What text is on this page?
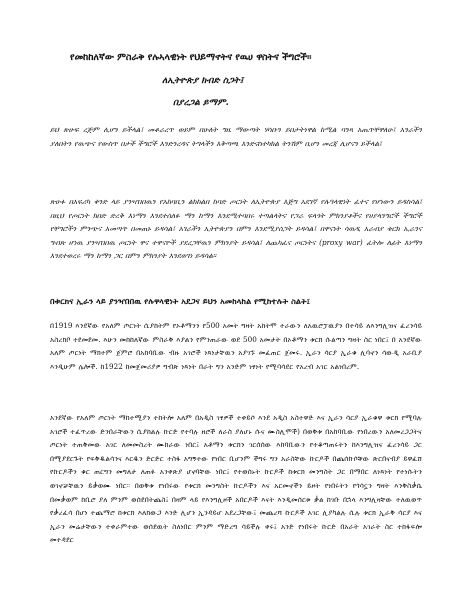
የመከከለኛው ምስራቅ የሉኣላዊነት የህይማኖትና የዉሀ ዋስትና ችግሮች።
ለኢትዮጵያ ክብድ ስጋት፤
በያረጋል ይማም.
ይህ ጽሁፍ ረጅም ሊሆን ይችላል፤ መቆራረጥ ወይም በሁለት ግዜ ማውጣት ሃሳቡን ይበታትነዋል ከሚል ባንጻ አጤጥቸዋለሁ፤ አንራችን ያለበትን የዉጭና የውስጥ በታች ችግሮች እንድንረዳና ትግላችን እቅጣጫ እንድናስተካክል ትንሽም ቢሆን መረጃ ሊሆናን ይችላል፤
ጽሁፉ በአፍሪካ ቀንድ ላይ ያንዣበበዉን የአከባቢን ልክከልበ ከባድ ጦርነት ለኢትዮጵያ እጅግ አደገኛ የሉዓላዊነት ፈተና የሆነውን ይዳስሳል፤ በዚህ የጦርነት ክበድ ድረቅ እነማን እንደተሰለፉ ማን ከማን እንደሚተባበሩ ተጣልላትና የጋራ ፍላጎት ምክንያቶችና የሀያላንግሮች ችግሮች የቸግሮችን ምንጭና አመጣጥ በመጠኑ ይዳሳል፤ አገራችን ኢትዮጵያን በምን እንደሚያሰጋት ይዳሳል፤ በዋናነት ሳዉዲ አራብያ ቱርክ ኢራንና ግብጽ ሆነዉ ያንዣበበዉ ጦርነት ዋና ተዋናዮች ያደረጋቸዉን ምክንያት ይዳሳል፤ ለጨካፈና ጦርነትና (proxy war) ፈትሎ ለፊት እነማን እንደተወረሩ ማን ከማን ጋር በምን ምክንያት እንደወገነ ይዳሳል።
በቱርክና ኢራን ላይ ያንዣበበዉ የሉዋላዊነት አደጋና ይህን አመከላከል የሚከተሉት ስልት፤
በ1919 እንደኛው የአለም ጦርነት ሲያከትም የኦቶማንን የ500 አመት ግዛት አከትሞ ተራውን ለአዉሮፓዉያን በተሳይ ለእንግሊዝና ፈረንሳይ አስረክቦ ተደመደመ. እሁን መከከለኛው ምስራቅ እያልን የምንጠራው ወደ 500 አመታት በኦቶማን ቱርክ ሱልጣን ግዛት ስር ነበር፤ በ አንደኛው አለም ጦርነት ማክተም ጀምሮ በአከባቢው ብዙ አገሮች ነጻነታቸዉን አያገኙ መፈጠር ጀመሩ. ኢራን ሳርያ ኢራቁ ሊባኖን ሳውዲ አራቢያ እንዲሁም ሌሎች. ከ1922 ከመጀመሪያዎ ግብጽ ነጻነት በራት ግን አንድም ነፃነት የሚባሳደር የአረብ አገር አልነበረም.
አንደኛው የአለም ጦርነት ማከተሚያን ተከትሎ አለም በአዲስ ገፃዎች ተቀይሶ እንደ አዲስ አስተዋድ እና ኢራን ሳርያ ኢራቁዋ ቱርክ የሚባሉ አገሮች ተፈጥረው ድንበራቸውን ሲያከልሉ ኩርድ የተባሉ ዘሮች ለራስ ያለሆኑ ሱና ሙስሊሞች) በወቅቱ በአከባቢው የነበረውን አለመረጋጋትና ጦርነት ተጠቅመው አገር ለመመስረት ሙከራው ነበር፤ አቶማን ቱርክን ገርሰሰው እከባቢውን የተቆጣጠሩትን ከእንግሊዝና ፈረንሳይ ጋር በሚያደርጉት የፍቅዱልሳንና እርዱን ድርድር ተስፋ አግኝተው የነበር ቢሆንም ችግሩ ግን አራስቸው ኩርዶች በጨሰኩሶቹው ጽርበናብያ ይዋፈሸ የኩርዶችን ቁር ጠርግን መግለታ ለጠፉ አንቀጽያ ሆኖባቸው ነበር፤ የተወሰኑት ኩርዶች ከቱርክ መንግስት ጋር በማበር ለነጻነት የተነሱትን ወገኖቻቸዉን ይቃወሙ ነበር። በወቅቱ የነበሩው የቱርክ መንግስት ኩርዶችን እና አርመኖችን ይዞት የነበሩትን የጎሳኗን ግዛት እንቅስቃሴ በመቃወም ከቢሮ ያለ ምንም ወሰደበትጨስ፤ በዛም ላይ የእንግሊዞች አበርዶች እናት እንዲመሰርቱ ቃል ከገቡ በኋላ እንግሊዛቸው ተለዉወጥ የቃረፈሳ በሆነ ተጨማሮ ከቱርክ እለክውጋ እንድ ሊሆን ኢንዳይሆ አደረጋቸው፤ መጨረሻ ኩርዶች አገር ሊያካልሉ ሲሉ ቱርክ ኢራቅ ሳርያ እና ኢራን መሬታቸውን ተቀራምተው ወሰደዉት ስለነበር ምንም ማድረግ ሳይችሉ ቀሩ፤ አንድ የነበሩት ኩርድ በአራት አገራት ስር ተከፋፍሎ መተዳደር
